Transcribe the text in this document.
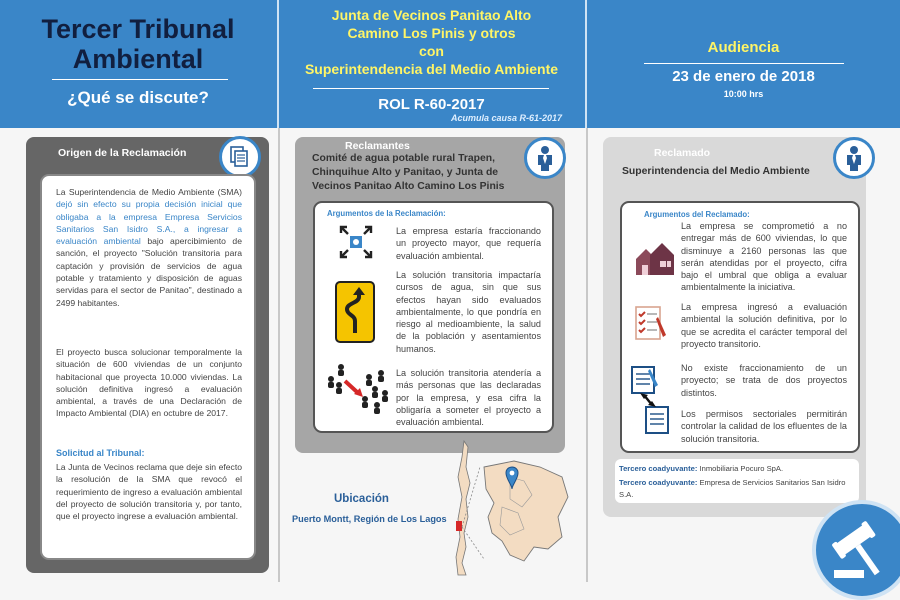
Tercer Tribunal
Ambiental
¿Qué se discute?
Junta de Vecinos Panitao Alto
Camino Los Pinis y otros
con
Superintendencia del Medio Ambiente
ROL R-60-2017
Acumula causa R-61-2017
Audiencia
23 de enero de 2018
10:00 hrs
Origen de la Reclamación
La Superintendencia de Medio Ambiente (SMA) dejó sin efecto su propia decisión inicial que obligaba a la empresa Empresa Servicios Sanitarios San Isidro S.A., a ingresar a evaluación ambiental bajo apercibimiento de sanción, el proyecto "Solución transitoria para captación y provisión de servicios de agua potable y tratamiento y disposición de aguas servidas para el sector de Panitao", destinado a 2499 habitantes.
El proyecto busca solucionar temporalmente la situación de 600 viviendas de un conjunto habitacional que proyecta 10.000 viviendas. La solución definitiva ingresó a evaluación ambiental, a través de una Declaración de Impacto Ambiental (DIA) en octubre de 2017.
Solicitud al Tribunal:
La Junta de Vecinos reclama que deje sin efecto la resolución de la SMA que revocó el requerimiento de ingreso a evaluación ambiental del proyecto de solución transitoria y, por tanto, que el proyecto ingrese a evaluación ambiental.
Reclamantes
Comité de agua potable rural Trapen, Chinquihue Alto y Panitao, y Junta de Vecinos Panitao Alto Camino Los Pinis
Argumentos de la Reclamación:
La empresa estaría fraccionando un proyecto mayor, que requería evaluación ambiental.
La solución transitoria impactaría cursos de agua, sin que sus efectos hayan sido evaluados ambientalmente, lo que pondría en riesgo al medioambiente, la salud de la población y asentamientos humanos.
La solución transitoria atendería a más personas que las declaradas por la empresa, y esa cifra la obligaría a someter el proyecto a evaluación ambiental.
Ubicación
Puerto Montt, Región de Los Lagos
Reclamado
Superintendencia del Medio Ambiente
Argumentos del Reclamado:
La empresa se comprometió a no entregar más de 600 viviendas, lo que disminuye a 2160 personas las que serán atendidas por el proyecto, cifra bajo el umbral que obliga a evaluar ambientalmente la iniciativa.
La empresa ingresó a evaluación ambiental la solución definitiva, por lo que se acredita el carácter temporal del proyecto transitorio.
No existe fraccionamiento de un proyecto; se trata de dos proyectos distintos.
Los permisos sectoriales permitirán controlar la calidad de los efluentes de la solución transitoria.
Tercero coadyuvante: Inmobiliaria Pocuro SpA.
Tercero coadyuvante: Empresa de Servicios Sanitarios San Isidro S.A.
